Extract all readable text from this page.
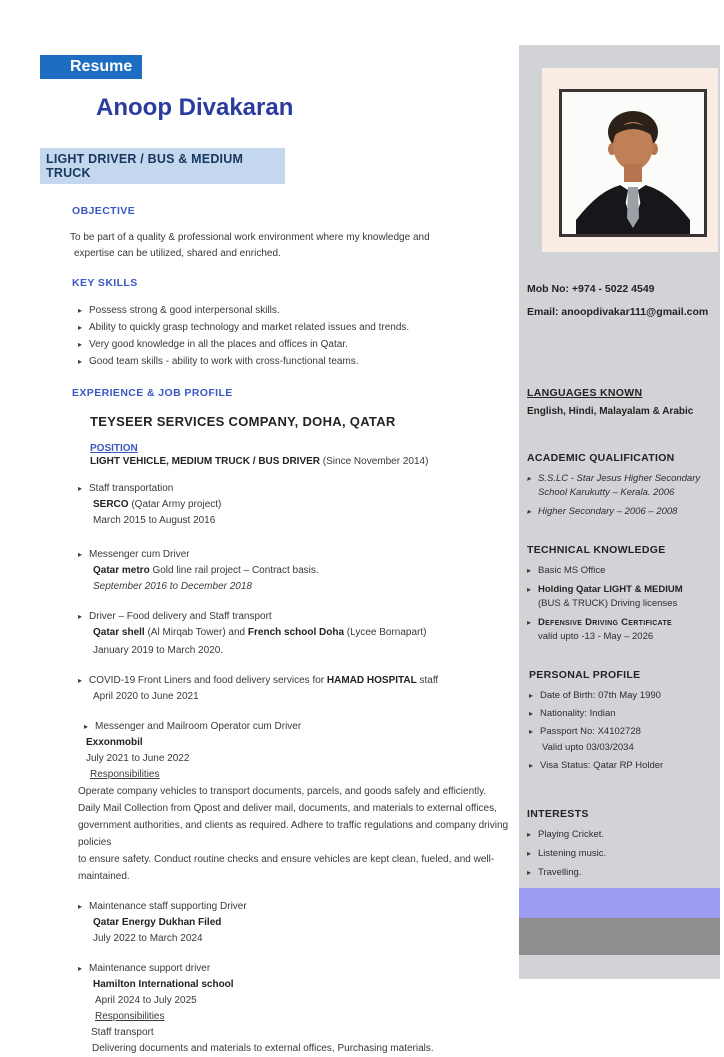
Resume
Anoop Divakaran
LIGHT DRIVER / BUS & MEDIUM TRUCK
OBJECTIVE
To be part of a quality & professional work environment where my knowledge and
expertise can be utilized, shared and enriched.
KEY SKILLS
▸
Possess strong & good interpersonal skills.
▸
Ability to quickly grasp technology and market related issues and trends.
▸
Very good knowledge in all the places and offices in Qatar.
▸
Good team skills - ability to work with cross-functional teams.
EXPERIENCE & JOB PROFILE
TEYSEER SERVICES COMPANY, DOHA, QATAR
POSITION
LIGHT VEHICLE, MEDIUM TRUCK / BUS DRIVER (Since November 2014)
▸
Staff transportation
SERCO (Qatar Army project)
March 2015 to August 2016
▸
Messenger cum Driver
Qatar metro Gold line rail project – Contract basis.
September 2016 to December 2018
▸
Driver – Food delivery and Staff transport
Qatar shell (Al Mirqab Tower) and French school Doha (Lycee Bornapart)
January 2019 to March 2020.
▸
COVID-19 Front Liners and food delivery services for HAMAD HOSPITAL staff
April 2020 to June 2021
▸
Messenger and Mailroom Operator cum Driver
Exxonmobil
July 2021 to June 2022
Responsibilities
Operate company vehicles to transport documents, parcels, and goods safely and efficiently.
Daily Mail Collection from Qpost and deliver mail, documents, and materials to external offices,
government authorities, and clients as required. Adhere to traffic regulations and company driving policies
to ensure safety. Conduct routine checks and ensure vehicles are kept clean, fueled, and well-maintained.
▸
Maintenance staff supporting Driver
Qatar Energy Dukhan Filed
July 2022 to March 2024
▸
Maintenance support driver
Hamilton International school
April 2024 to July 2025
Responsibilities
Staff transport
Delivering documents and materials to external offices, Purchasing materials.
Mob No: +974 - 5022 4549
Email: anoopdivakar111@gmail.com
LANGUAGES KNOWN
English, Hindi, Malayalam & Arabic
ACADEMIC QUALIFICATION
▸
S.S.LC - Star Jesus Higher Secondary School Karukutty – Kerala. 2006
▸
Higher Secondary – 2006 – 2008
TECHNICAL KNOWLEDGE
▸
Basic MS Office
▸
Holding Qatar LIGHT & MEDIUM
(BUS & TRUCK) Driving licenses
▸
Defensive Driving Certificate
valid upto -13 - May – 2026
PERSONAL PROFILE
▸
Date of Birth: 07th May 1990
▸
Nationality: Indian
▸
Passport No: X4102728
Valid upto 03/03/2034
▸
Visa Status: Qatar RP Holder
INTERESTS
▸
Playing Cricket.
▸
Listening music.
▸
Travelling.
